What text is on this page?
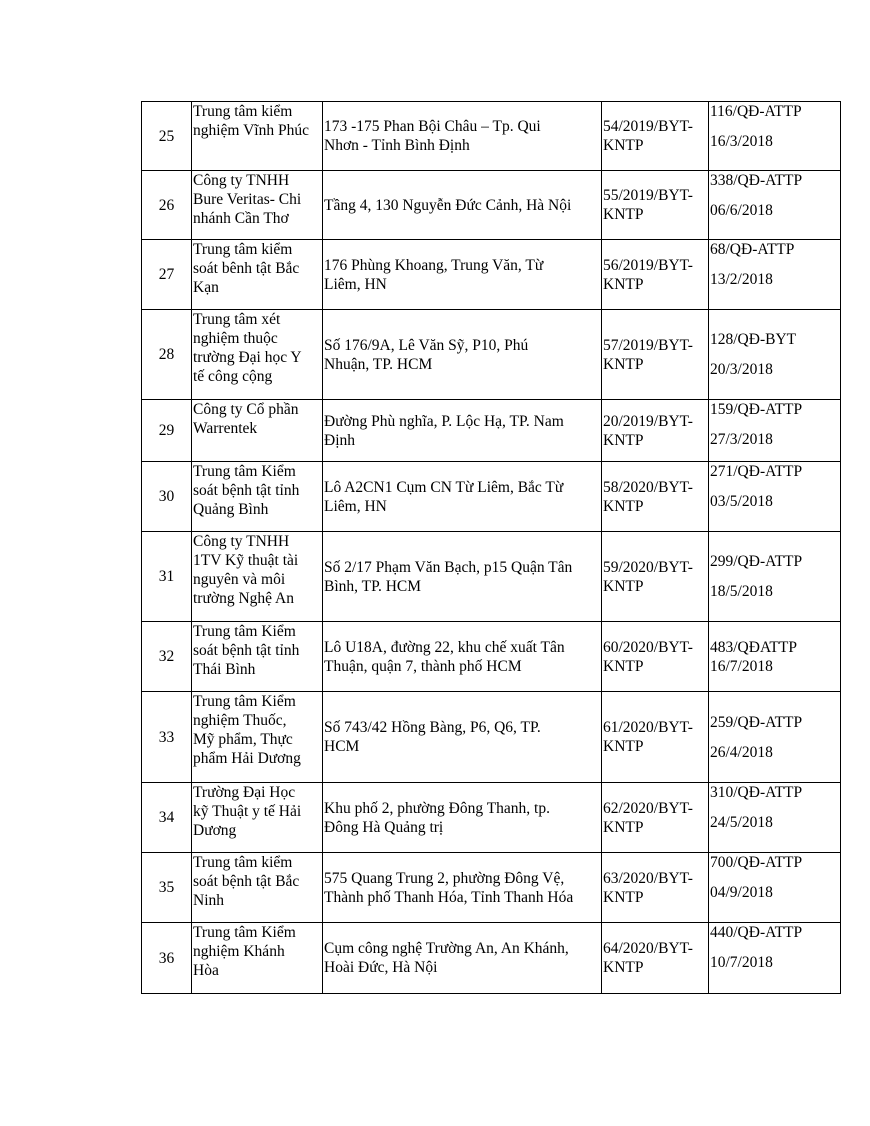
25	Trung tâm kiểm
nghiệm Vĩnh Phúc	173 -175 Phan Bội Châu – Tp. Qui
Nhơn - Tỉnh Bình Định	54/2019/BYT-
KNTP	116/QĐ-ATTP
16/3/2018

26	Công ty TNHH
Bure Veritas- Chi
nhánh Cần Thơ	Tầng 4, 130 Nguyễn Đức Cảnh, Hà Nội	55/2019/BYT-
KNTP	338/QĐ-ATTP
06/6/2018

27	Trung tâm kiểm
soát bênh tật Bắc
Kạn	176 Phùng Khoang, Trung Văn, Từ
Liêm, HN	56/2019/BYT-
KNTP	68/QĐ-ATTP
13/2/2018

28	Trung tâm xét
nghiệm thuộc
trường Đại học Y
tế công cộng	Số 176/9A, Lê Văn Sỹ, P10, Phú
Nhuận, TP. HCM	57/2019/BYT-
KNTP	128/QĐ-BYT
20/3/2018

29	Công ty Cổ phần
Warrentek	Đường Phù nghĩa, P. Lộc Hạ, TP. Nam
Định	20/2019/BYT-
KNTP	159/QĐ-ATTP
27/3/2018

30	Trung tâm Kiểm
soát bệnh tật tỉnh
Quảng Bình	Lô A2CN1 Cụm CN Từ Liêm, Bắc Từ
Liêm, HN	58/2020/BYT-
KNTP	271/QĐ-ATTP
03/5/2018

31	Công ty TNHH
1TV Kỹ thuật tài
nguyên và môi
trường Nghệ An	Số 2/17 Phạm Văn Bạch, p15 Quận Tân
Bình, TP. HCM	59/2020/BYT-
KNTP	299/QĐ-ATTP
18/5/2018

32	Trung tâm Kiểm
soát bệnh tật tỉnh
Thái Bình	Lô U18A, đường 22, khu chế xuất Tân
Thuận, quận 7, thành phố HCM	60/2020/BYT-
KNTP	483/QĐATTP
16/7/2018

33	Trung tâm Kiểm
nghiệm Thuốc,
Mỹ phẩm, Thực
phẩm Hải Dương	Số 743/42 Hồng Bàng, P6, Q6, TP.
HCM	61/2020/BYT-
KNTP	259/QĐ-ATTP
26/4/2018

34	Trường Đại Học
kỹ Thuật y tế Hải
Dương	Khu phố 2, phường Đông Thanh, tp.
Đông Hà Quảng trị	62/2020/BYT-
KNTP	310/QĐ-ATTP
24/5/2018

35	Trung tâm kiểm
soát bệnh tật Bắc
Ninh	575 Quang Trung 2, phường Đông Vệ,
Thành phố Thanh Hóa, Tỉnh Thanh Hóa	63/2020/BYT-
KNTP	700/QĐ-ATTP
04/9/2018

36	Trung tâm Kiểm
nghiệm Khánh
Hòa	Cụm công nghệ Trường An, An Khánh,
Hoài Đức, Hà Nội	64/2020/BYT-
KNTP	440/QĐ-ATTP
10/7/2018
